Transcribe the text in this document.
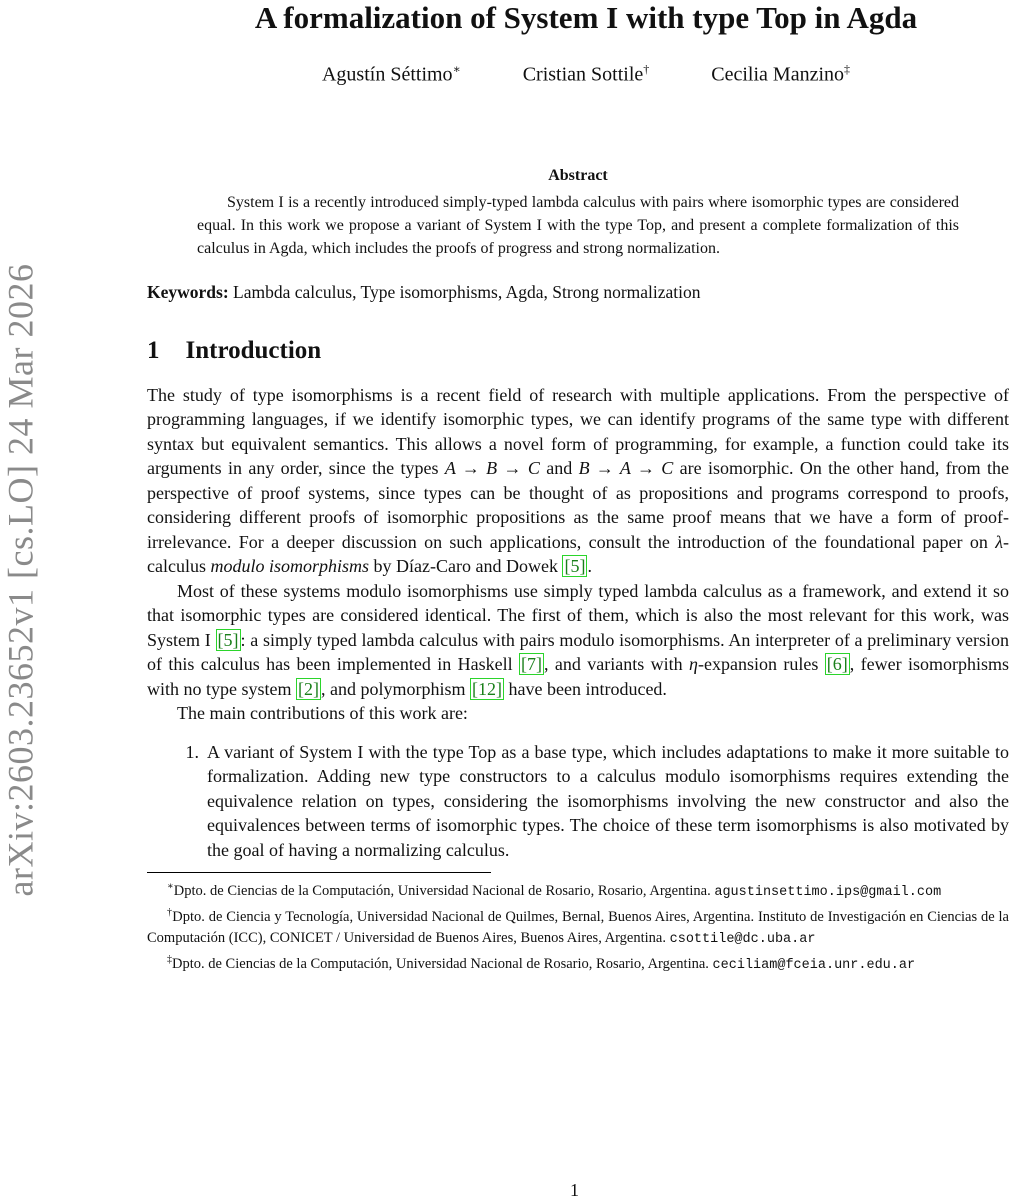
arXiv:2603.23652v1 [cs.LO] 24 Mar 2026
A formalization of System I with type Top in Agda
Agustín Séttimo∗	Cristian Sottile†	Cecilia Manzino‡
Abstract

System I is a recently introduced simply-typed lambda calculus with pairs where isomorphic types are considered equal. In this work we propose a variant of System I with the type Top, and present a complete formalization of this calculus in Agda, which includes the proofs of progress and strong normalization.

Keywords: Lambda calculus, Type isomorphisms, Agda, Strong normalization
1 Introduction

The study of type isomorphisms is a recent field of research with multiple applications. From the perspective of programming languages, if we identify isomorphic types, we can identify programs of the same type with different syntax but equivalent semantics. This allows a novel form of programming, for example, a function could take its arguments in any order, since the types A → B → C and B → A → C are isomorphic. On the other hand, from the perspective of proof systems, since types can be thought of as propositions and programs correspond to proofs, considering different proofs of isomorphic propositions as the same proof means that we have a form of proof-irrelevance. For a deeper discussion on such applications, consult the introduction of the foundational paper on λ-calculus modulo isomorphisms by Díaz-Caro and Dowek [5] .

Most of these systems modulo isomorphisms use simply typed lambda calculus as a framework, and extend it so that isomorphic types are considered identical. The first of them, which is also the most relevant for this work, was System I [5] : a simply typed lambda calculus with pairs modulo isomorphisms. An interpreter of a preliminary version of this calculus has been implemented in Haskell [7] , and variants with η-expansion rules [6] , fewer isomorphisms with no type system [2] , and polymorphism [12] have been introduced.

The main contributions of this work are:

1. A variant of System I with the type Top as a base type, which includes adaptations to make it more suitable to formalization. Adding new type constructors to a calculus modulo isomorphisms requires extending the equivalence relation on types, considering the isomorphisms involving the new constructor and also the equivalences between terms of isomorphic types. The choice of these term isomorphisms is also motivated by the goal of having a normalizing calculus.

∗Dpto. de Ciencias de la Computación, Universidad Nacional de Rosario, Rosario, Argentina. agustinsettimo.ips@gmail.com

†Dpto. de Ciencia y Tecnología, Universidad Nacional de Quilmes, Bernal, Buenos Aires, Argentina. Instituto de Investigación en Ciencias de la Computación (ICC), CONICET / Universidad de Buenos Aires, Buenos Aires, Argentina. csottile@dc.uba.ar

‡Dpto. de Ciencias de la Computación, Universidad Nacional de Rosario, Rosario, Argentina. ceciliam@fceia.unr.edu.ar

1
